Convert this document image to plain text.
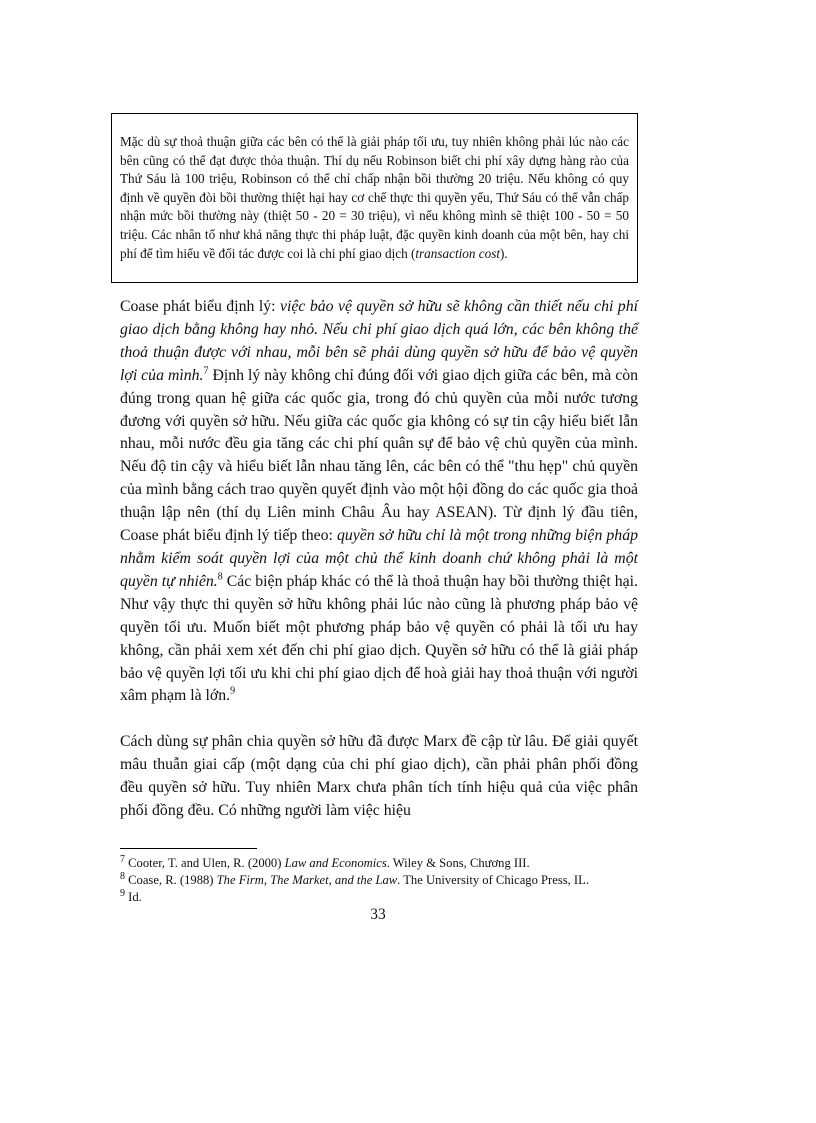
Mặc dù sự thoả thuận giữa các bên có thể là giải pháp tối ưu, tuy nhiên không phải lúc nào các bên cũng có thể đạt được thỏa thuận. Thí dụ nếu Robinson biết chi phí xây dựng hàng rào của Thứ Sáu là 100 triệu, Robinson có thể chỉ chấp nhận bồi thường 20 triệu. Nếu không có quy định về quyền đòi bồi thường thiệt hại hay cơ chế thực thi quyền yếu, Thứ Sáu có thể vẫn chấp nhận mức bồi thường này (thiệt 50 - 20 = 30 triệu), vì nếu không mình sẽ thiệt 100 - 50 = 50 triệu. Các nhân tố như khả năng thực thi pháp luật, đặc quyền kinh doanh của một bên, hay chi phí để tìm hiểu về đối tác được coi là chi phí giao dịch (transaction cost).

Coase phát biểu định lý: việc bảo vệ quyền sở hữu sẽ không cần thiết nếu chi phí giao dịch bằng không hay nhỏ. Nếu chi phí giao dịch quá lớn, các bên không thể thoả thuận được với nhau, mỗi bên sẽ phải dùng quyền sở hữu để bảo vệ quyền lợi của mình.$^7$ Định lý này không chỉ đúng đối với giao dịch giữa các bên, mà còn đúng trong quan hệ giữa các quốc gia, trong đó chủ quyền của mỗi nước tương đương với quyền sở hữu. Nếu giữa các quốc gia không có sự tin cậy hiểu biết lẫn nhau, mỗi nước đều gia tăng các chi phí quân sự để bảo vệ chủ quyền của mình. Nếu độ tin cậy và hiểu biết lẫn nhau tăng lên, các bên có thể "thu hẹp" chủ quyền của mình bằng cách trao quyền quyết định vào một hội đồng do các quốc gia thoả thuận lập nên (thí dụ Liên minh Châu Âu hay ASEAN). Từ định lý đầu tiên, Coase phát biểu định lý tiếp theo: quyền sở hữu chỉ là một trong những biện pháp nhằm kiểm soát quyền lợi của một chủ thể kinh doanh chứ không phải là một quyền tự nhiên.$^8$ Các biện pháp khác có thể là thoả thuận hay bồi thường thiệt hại. Như vậy thực thi quyền sở hữu không phải lúc nào cũng là phương pháp bảo vệ quyền tối ưu. Muốn biết một phương pháp bảo vệ quyền có phải là tối ưu hay không, cần phải xem xét đến chi phí giao dịch. Quyền sở hữu có thể là giải pháp bảo vệ quyền lợi tối ưu khi chi phí giao dịch để hoà giải hay thoả thuận với người xâm phạm là lớn.$^9$

Cách dùng sự phân chia quyền sở hữu đã được Marx đề cập từ lâu. Để giải quyết mâu thuẫn giai cấp (một dạng của chi phí giao dịch), cần phải phân phối đồng đều quyền sở hữu. Tuy nhiên Marx chưa phân tích tính hiệu quả của việc phân phối đồng đều. Có những người làm việc hiệu

$^7$ Cooter, T. and Ulen, R. (2000) Law and Economics. Wiley & Sons, Chương III.

$^8$ Coase, R. (1988) The Firm, The Market, and the Law. The University of Chicago Press, IL.

$^9$ Id.

33
